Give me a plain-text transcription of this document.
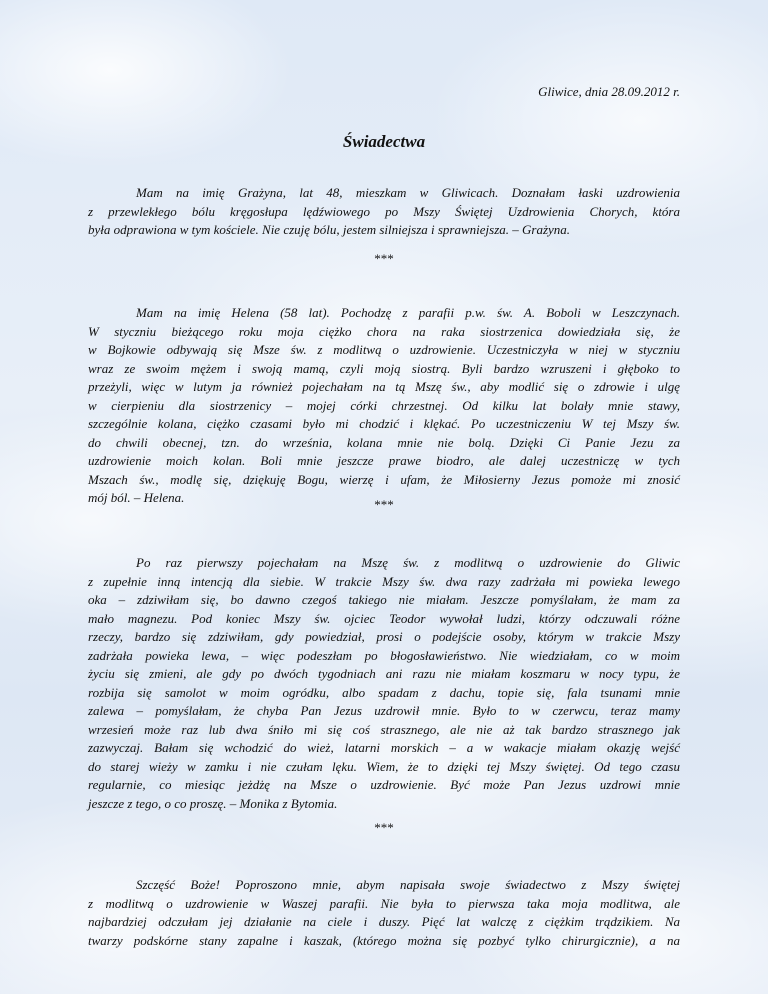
Gliwice, dnia 28.09.2012 r.
Świadectwa
Mam na imię Grażyna, lat 48, mieszkam w Gliwicach. Doznałam łaski uzdrowienia
z przewlekłego bólu kręgosłupa lędźwiowego po Mszy Świętej Uzdrowienia Chorych, która
była odprawiona w tym kościele. Nie czuję bólu, jestem silniejsza i sprawniejsza. – Grażyna.
***
Mam na imię Helena (58 lat). Pochodzę z parafii p.w. św. A. Boboli w Leszczynach.
W styczniu bieżącego roku moja ciężko chora na raka siostrzenica dowiedziała się, że
w Bojkowie odbywają się Msze św. z modlitwą o uzdrowienie. Uczestniczyła w niej w styczniu
wraz ze swoim mężem i swoją mamą, czyli moją siostrą. Byli bardzo wzruszeni i głęboko to
przeżyli, więc w lutym ja również pojechałam na tą Mszę św., aby modlić się o zdrowie i ulgę
w cierpieniu dla siostrzenicy – mojej córki chrzestnej. Od kilku lat bolały mnie stawy,
szczególnie kolana, ciężko czasami było mi chodzić i klękać. Po uczestniczeniu W tej Mszy św.
do chwili obecnej, tzn. do września, kolana mnie nie bolą. Dzięki Ci Panie Jezu za
uzdrowienie moich kolan. Boli mnie jeszcze prawe biodro, ale dalej uczestniczę w tych
Mszach św., modlę się, dziękuję Bogu, wierzę i ufam, że Miłosierny Jezus pomoże mi znosić
mój ból. – Helena.	***
Po raz pierwszy pojechałam na Mszę św. z modlitwą o uzdrowienie do Gliwic
z zupełnie inną intencją dla siebie. W trakcie Mszy św. dwa razy zadrżała mi powieka lewego
oka – zdziwiłam się, bo dawno czegoś takiego nie miałam. Jeszcze pomyślałam, że mam za
mało magnezu. Pod koniec Mszy św. ojciec Teodor wywołał ludzi, którzy odczuwali różne
rzeczy, bardzo się zdziwiłam, gdy powiedział, prosi o podejście osoby, którym w trakcie Mszy
zadrżała powieka lewa, – więc podeszłam po błogosławieństwo. Nie wiedziałam, co w moim
życiu się zmieni, ale gdy po dwóch tygodniach ani razu nie miałam koszmaru w nocy typu, że
rozbija się samolot w moim ogródku, albo spadam z dachu, topie się, fala tsunami mnie
zalewa – pomyślałam, że chyba Pan Jezus uzdrowił mnie. Było to w czerwcu, teraz mamy
wrzesień może raz lub dwa śniło mi się coś strasznego, ale nie aż tak bardzo strasznego jak
zazwyczaj. Bałam się wchodzić do wież, latarni morskich – a w wakacje miałam okazję wejść
do starej wieży w zamku i nie czułam lęku. Wiem, że to dzięki tej Mszy świętej. Od tego czasu
regularnie, co miesiąc jeżdżę na Msze o uzdrowienie. Być może Pan Jezus uzdrowi mnie
jeszcze z tego, o co proszę. – Monika z Bytomia.
***
Szczęść Boże! Poproszono mnie, abym napisała swoje świadectwo z Mszy świętej
z modlitwą o uzdrowienie w Waszej parafii. Nie była to pierwsza taka moja modlitwa, ale
najbardziej odczułam jej działanie na ciele i duszy. Pięć lat walczę z ciężkim trądzikiem. Na
twarzy podskórne stany zapalne i kaszak, (którego można się pozbyć tylko chirurgicznie), a na
